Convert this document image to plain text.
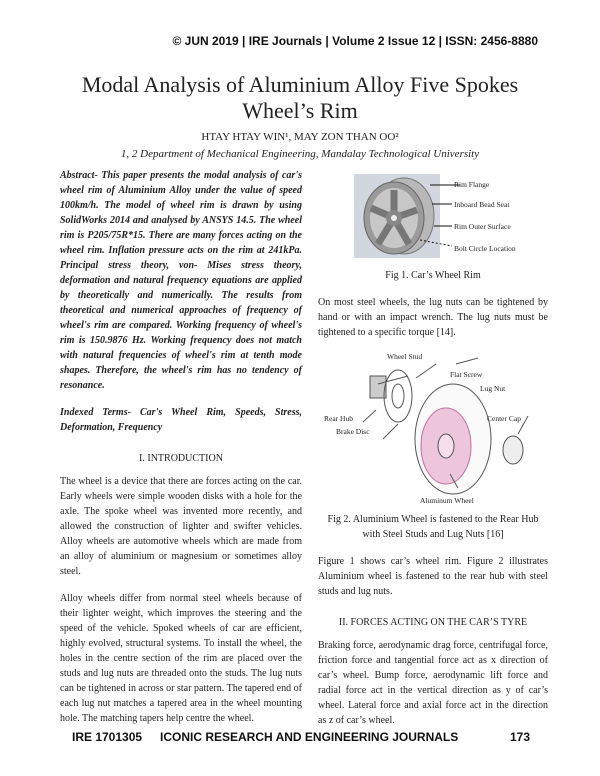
© JUN 2019 | IRE Journals | Volume 2 Issue 12 | ISSN: 2456-8880
Modal Analysis of Aluminium Alloy Five Spokes
Wheel’s Rim
HTAY HTAY WIN¹, MAY ZON THAN OO²
1, 2 Department of Mechanical Engineering, Mandalay Technological University

Abstract- This paper presents the modal analysis of car's wheel rim of Aluminium Alloy under the value of speed 100km/h. The model of wheel rim is drawn by using SolidWorks 2014 and analysed by ANSYS 14.5. The wheel rim is P205/75R*15. There are many forces acting on the wheel rim. Inflation pressure acts on the rim at 241kPa. Principal stress theory, von- Mises stress theory, deformation and natural frequency equations are applied by theoretically and numerically. The results from theoretical and numerical approaches of frequency of wheel's rim are compared. Working frequency of wheel's rim is 150.9876 Hz. Working frequency does not match with natural frequencies of wheel's rim at tenth mode shapes. Therefore, the wheel's rim has no tendency of resonance.

Indexed Terms- Car's Wheel Rim, Speeds, Stress, Deformation, Frequency

I. INTRODUCTION

The wheel is a device that there are forces acting on the car. Early wheels were simple wooden disks with a hole for the axle. The spoke wheel was invented more recently, and allowed the construction of lighter and swifter vehicles. Alloy wheels are automotive wheels which are made from an alloy of aluminium or magnesium or sometimes alloy steel.

Alloy wheels differ from normal steel wheels because of their lighter weight, which improves the steering and the speed of the vehicle. Spoked wheels of car are efficient, highly evolved, structural systems. To install the wheel, the holes in the centre section of the rim are placed over the studs and lug nuts are threaded onto the studs. The lug nuts can be tightened in across or star pattern. The tapered end of each lug nut matches a tapered area in the wheel mounting hole. The matching tapers help centre the wheel.

Rim Flange
Inboard Bead Seat
Rim Outer Surface
Bolt Circle Location
Fig 1. Car’s Wheel Rim

On most steel wheels, the lug nuts can be tightened by hand or with an impact wrench. The lug nuts must be tightened to a specific torque [14].

Wheel Stud
Flat Screw
Lug Nut
Rear Hub
Brake Disc
Center Cap
Aluminum Wheel
Fig 2. Aluminium Wheel is fastened to the Rear Hub with Steel Studs and Lug Nuts [16]

Figure 1 shows car’s wheel rim. Figure 2 illustrates Aluminium wheel is fastened to the rear hub with steel studs and lug nuts.

II. FORCES ACTING ON THE CAR’S TYRE

Braking force, aerodynamic drag force, centrifugal force, friction force and tangential force act as x direction of car’s wheel. Bump force, aerodynamic lift force and radial force act in the vertical direction as y of car’s wheel. Lateral force and axial force act in the direction as z of car’s wheel.

IRE 1701305 ICONIC RESEARCH AND ENGINEERING JOURNALS	173
